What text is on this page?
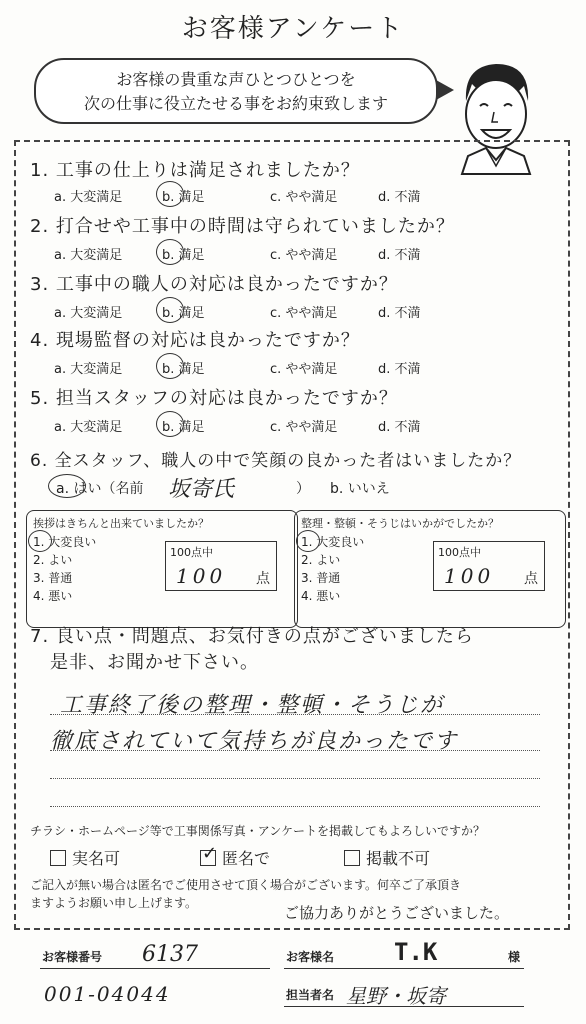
お客様アンケート
お客様の貴重な声ひとつひとつを
次の仕事に役立たせる事をお約束致します
1. 工事の仕上りは満足されましたか？
a. 大変満足	b. 満足	c. やや満足	d. 不満
2. 打合せや工事中の時間は守られていましたか？
a. 大変満足	b. 満足	c. やや満足	d. 不満
3. 工事中の職人の対応は良かったですか？
a. 大変満足	b. 満足	c. やや満足	d. 不満
4. 現場監督の対応は良かったですか？
a. 大変満足	b. 満足	c. やや満足	d. 不満
5. 担当スタッフの対応は良かったですか？
a. 大変満足	b. 満足	c. やや満足	d. 不満
6. 全スタッフ、職人の中で笑顔の良かった者はいましたか？
a. はい（名前 坂寄氏	） b. いいえ
挨拶はきちんと出来ていましたか？
1. 大変良い
2. よい
3. 普通
4. 悪い
100点中
100 点
整理・整頓・そうじはいかがでしたか？
1. 大変良い
2. よい
3. 普通
4. 悪い
100点中
100 点
7. 良い点・問題点、お気付きの点がございましたら
是非、お聞かせ下さい。
工事終了後の整理・整頓・そうじが
徹底されていて気持ちが良かったです
チラシ・ホームページ等で工事関係写真・アンケートを掲載してもよろしいですか？
実名可
✓	匿名で	掲載不可
ご記入が無い場合は匿名でご使用させて頂く場合がございます。何卒ご了承頂き
ますようお願い申し上げます。
ご協力ありがとうございました。
お客様番号 6137	お客様名 T.K	様
001-04044	担当者名 星野・坂寄
